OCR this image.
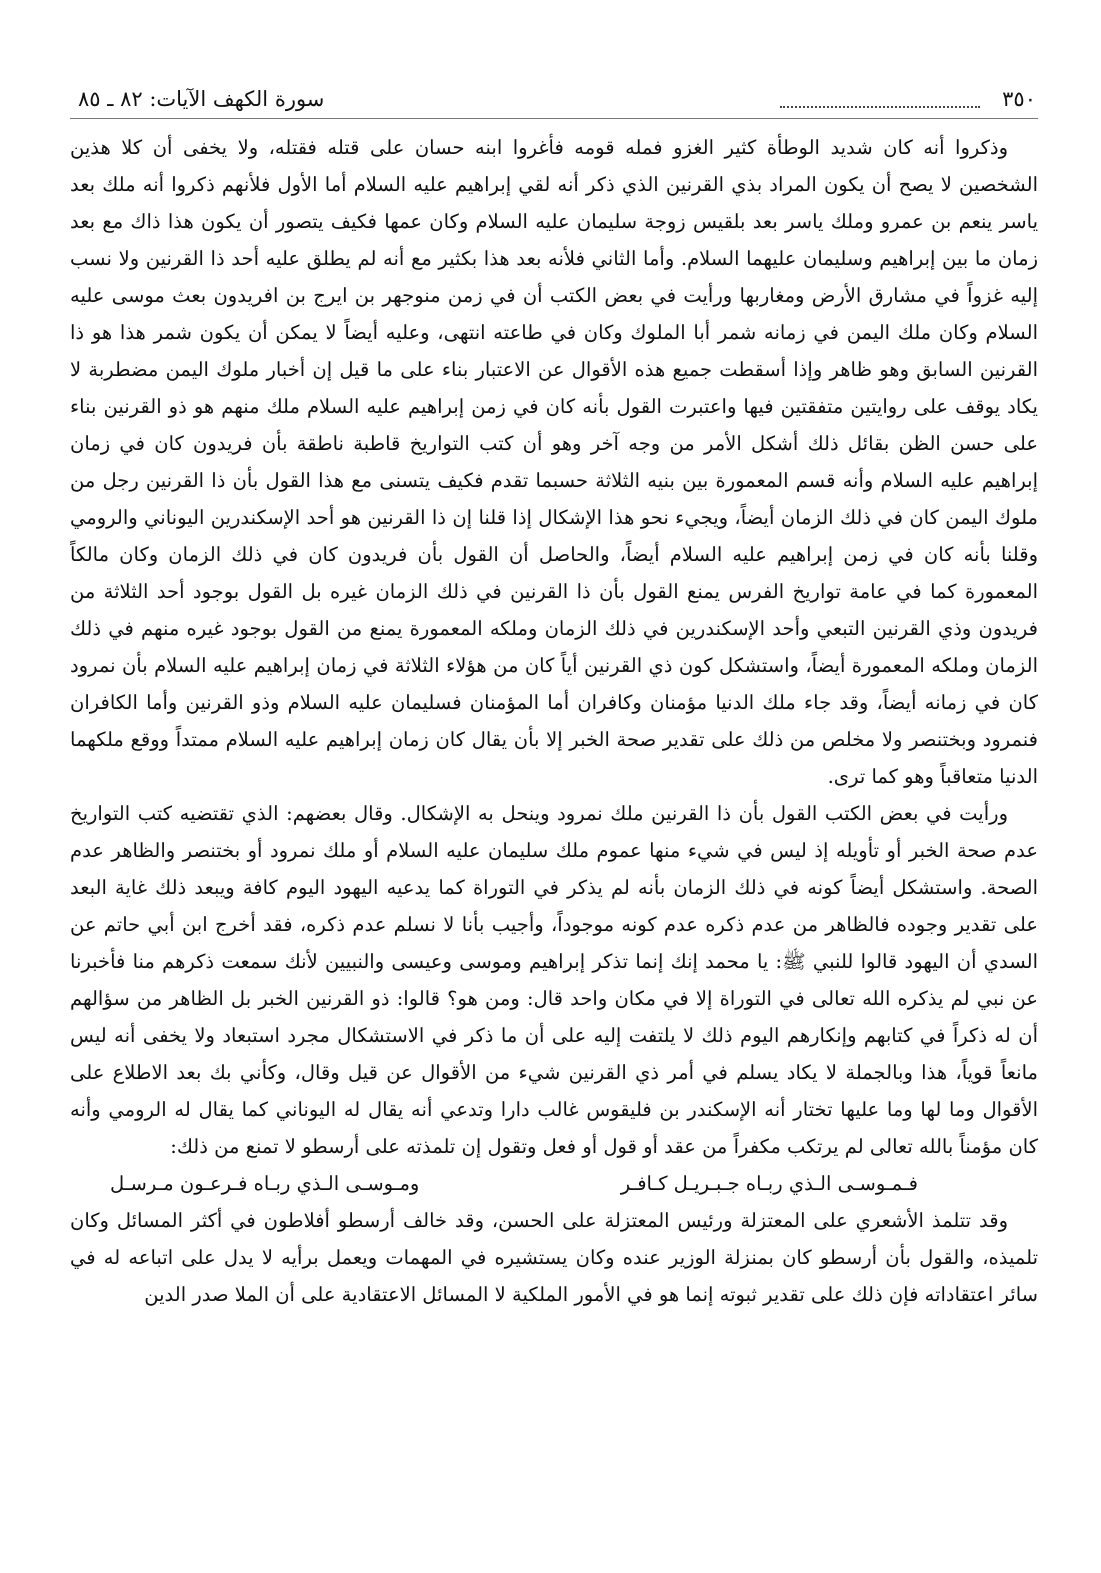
٣٥٠
سورة الكهف الآيات: ٨٢ ـ ٨٥

وذكروا أنه كان شديد الوطأة كثير الغزو فمله قومه فأغروا ابنه حسان على قتله فقتله، ولا يخفى أن كلا هذين الشخصين لا يصح أن يكون المراد بذي القرنين الذي ذكر أنه لقي إبراهيم عليه السلام أما الأول فلأنهم ذكروا أنه ملك بعد ياسر ينعم بن عمرو وملك ياسر بعد بلقيس زوجة سليمان عليه السلام وكان عمها فكيف يتصور أن يكون هذا ذاك مع بعد زمان ما بين إبراهيم وسليمان عليهما السلام. وأما الثاني فلأنه بعد هذا بكثير مع أنه لم يطلق عليه أحد ذا القرنين ولا نسب إليه غزواً في مشارق الأرض ومغاربها ورأيت في بعض الكتب أن في زمن منوجهر بن ايرج بن افريدون بعث موسى عليه السلام وكان ملك اليمن في زمانه شمر أبا الملوك وكان في طاعته انتهى، وعليه أيضاً لا يمكن أن يكون شمر هذا هو ذا القرنين السابق وهو ظاهر وإذا أسقطت جميع هذه الأقوال عن الاعتبار بناء على ما قيل إن أخبار ملوك اليمن مضطربة لا يكاد يوقف على روايتين متفقتين فيها واعتبرت القول بأنه كان في زمن إبراهيم عليه السلام ملك منهم هو ذو القرنين بناء على حسن الظن بقائل ذلك أشكل الأمر من وجه آخر وهو أن كتب التواريخ قاطبة ناطقة بأن فريدون كان في زمان إبراهيم عليه السلام وأنه قسم المعمورة بين بنيه الثلاثة حسبما تقدم فكيف يتسنى مع هذا القول بأن ذا القرنين رجل من ملوك اليمن كان في ذلك الزمان أيضاً، ويجيء نحو هذا الإشكال إذا قلنا إن ذا القرنين هو أحد الإسكندرين اليوناني والرومي وقلنا بأنه كان في زمن إبراهيم عليه السلام أيضاً، والحاصل أن القول بأن فريدون كان في ذلك الزمان وكان مالكاً المعمورة كما في عامة تواريخ الفرس يمنع القول بأن ذا القرنين في ذلك الزمان غيره بل القول بوجود أحد الثلاثة من فريدون وذي القرنين التبعي وأحد الإسكندرين في ذلك الزمان وملكه المعمورة يمنع من القول بوجود غيره منهم في ذلك الزمان وملكه المعمورة أيضاً، واستشكل كون ذي القرنين أياً كان من هؤلاء الثلاثة في زمان إبراهيم عليه السلام بأن نمرود كان في زمانه أيضاً، وقد جاء ملك الدنيا مؤمنان وكافران أما المؤمنان فسليمان عليه السلام وذو القرنين وأما الكافران فنمرود وبختنصر ولا مخلص من ذلك على تقدير صحة الخبر إلا بأن يقال كان زمان إبراهيم عليه السلام ممتداً ووقع ملكهما الدنيا متعاقباً وهو كما ترى.

ورأيت في بعض الكتب القول بأن ذا القرنين ملك نمرود وينحل به الإشكال. وقال بعضهم: الذي تقتضيه كتب التواريخ عدم صحة الخبر أو تأويله إذ ليس في شيء منها عموم ملك سليمان عليه السلام أو ملك نمرود أو بختنصر والظاهر عدم الصحة. واستشكل أيضاً كونه في ذلك الزمان بأنه لم يذكر في التوراة كما يدعيه اليهود اليوم كافة ويبعد ذلك غاية البعد على تقدير وجوده فالظاهر من عدم ذكره عدم كونه موجوداً، وأجيب بأنا لا نسلم عدم ذكره، فقد أخرج ابن أبي حاتم عن السدي أن اليهود قالوا للنبي ﷺ: يا محمد إنك إنما تذكر إبراهيم وموسى وعيسى والنبيين لأنك سمعت ذكرهم منا فأخبرنا عن نبي لم يذكره الله تعالى في التوراة إلا في مكان واحد قال: ومن هو؟ قالوا: ذو القرنين الخبر بل الظاهر من سؤالهم أن له ذكراً في كتابهم وإنكارهم اليوم ذلك لا يلتفت إليه على أن ما ذكر في الاستشكال مجرد استبعاد ولا يخفى أنه ليس مانعاً قوياً، هذا وبالجملة لا يكاد يسلم في أمر ذي القرنين شيء من الأقوال عن قيل وقال، وكأني بك بعد الاطلاع على الأقوال وما لها وما عليها تختار أنه الإسكندر بن فليقوس غالب دارا وتدعي أنه يقال له اليوناني كما يقال له الرومي وأنه كان مؤمناً بالله تعالى لم يرتكب مكفراً من عقد أو قول أو فعل وتقول إن تلمذته على أرسطو لا تمنع من ذلك:

فـمـوسـى الـذي ربـاه جـبـريـل كـافـر
ومـوسـى الـذي ربـاه فـرعـون مـرسـل

وقد تتلمذ الأشعري على المعتزلة ورئيس المعتزلة على الحسن، وقد خالف أرسطو أفلاطون في أكثر المسائل وكان تلميذه، والقول بأن أرسطو كان بمنزلة الوزير عنده وكان يستشيره في المهمات ويعمل برأيه لا يدل على اتباعه له في سائر اعتقاداته فإن ذلك على تقدير ثبوته إنما هو في الأمور الملكية لا المسائل الاعتقادية على أن الملا صدر الدين
